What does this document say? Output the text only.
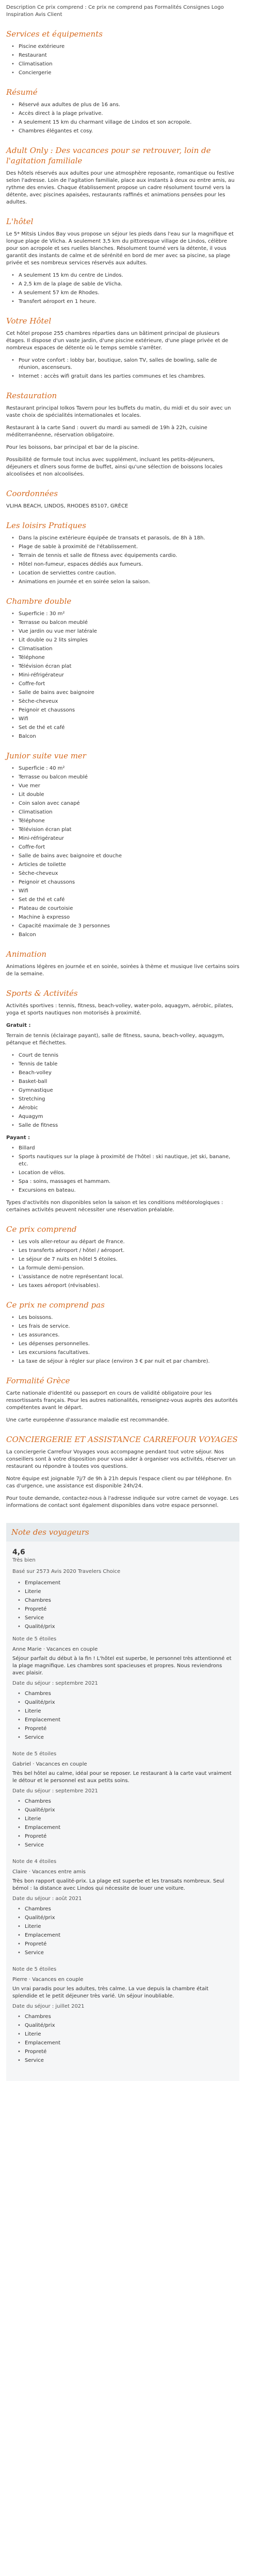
Description Ce prix comprend : Ce prix ne comprend pas Formalités Consignes Logo Inspiration Avis Client

Services et équipements
• Piscine extérieure
• Restaurant
• Climatisation
• Conciergerie
Résumé
• Réservé aux adultes de plus de 16 ans.
• Accès direct à la plage privative.
• A seulement 15 km du charmant village de Lindos et son acropole.
• Chambres élégantes et cosy.
Adult Only : Des vacances pour se retrouver, loin de l'agitation familiale

Des hôtels réservés aux adultes pour une atmosphère reposante, romantique ou festive selon l'adresse. Loin de l'agitation familiale, place aux instants à deux ou entre amis, au rythme des envies. Chaque établissement propose un cadre résolument tourné vers la détente, avec piscines apaisées, restaurants raffinés et animations pensées pour les adultes.

L'hôtel

Le 5* Mitsis Lindos Bay vous propose un séjour les pieds dans l'eau sur la magnifique et longue plage de Vlicha. A seulement 3,5 km du pittoresque village de Lindos, célèbre pour son acropole et ses ruelles blanches. Résolument tourné vers la détente, il vous garantit des instants de calme et de sérénité en bord de mer avec sa piscine, sa plage privée et ses nombreux services réservés aux adultes.

• A seulement 15 km du centre de Lindos.
• A 2,5 km de la plage de sable de Vlicha.
• A seulement 57 km de Rhodes.
• Transfert aéroport en 1 heure.
Votre Hôtel

Cet hôtel propose 255 chambres réparties dans un bâtiment principal de plusieurs étages. Il dispose d'un vaste jardin, d'une piscine extérieure, d'une plage privée et de nombreux espaces de détente où le temps semble s'arrêter.

• Pour votre confort : lobby bar, boutique, salon TV, salles de bowling, salle de réunion, ascenseurs.
• Internet : accès wifi gratuit dans les parties communes et les chambres.
Restauration

Restaurant principal Iolkos Tavern pour les buffets du matin, du midi et du soir avec un vaste choix de spécialités internationales et locales.

Restaurant à la carte Sand : ouvert du mardi au samedi de 19h à 22h, cuisine méditerranéenne, réservation obligatoire.

Pour les boissons, bar principal et bar de la piscine.

Possibilité de formule tout inclus avec supplément, incluant les petits-déjeuners, déjeuners et dîners sous forme de buffet, ainsi qu'une sélection de boissons locales alcoolisées et non alcoolisées.

Coordonnées

VLIHA BEACH, LINDOS, RHODES 85107, GRÈCE

Les loisirs Pratiques
• Dans la piscine extérieure équipée de transats et parasols, de 8h à 18h.
• Plage de sable à proximité de l'établissement.
• Terrain de tennis et salle de fitness avec équipements cardio.
• Hôtel non-fumeur, espaces dédiés aux fumeurs.
• Location de serviettes contre caution.
• Animations en journée et en soirée selon la saison.
Chambre double
• Superficie : 30 m²
• Terrasse ou balcon meublé
• Vue jardin ou vue mer latérale
• Lit double ou 2 lits simples
• Climatisation
• Téléphone
• Télévision écran plat
• Mini-réfrigérateur
• Coffre-fort
• Salle de bains avec baignoire
• Sèche-cheveux
• Peignoir et chaussons
• Wifi
• Set de thé et café
• Balcon
Junior suite vue mer
• Superficie : 40 m²
• Terrasse ou balcon meublé
• Vue mer
• Lit double
• Coin salon avec canapé
• Climatisation
• Téléphone
• Télévision écran plat
• Mini-réfrigérateur
• Coffre-fort
• Salle de bains avec baignoire et douche
• Articles de toilette
• Sèche-cheveux
• Peignoir et chaussons
• Wifi
• Set de thé et café
• Plateau de courtoisie
• Machine à expresso
• Capacité maximale de 3 personnes
• Balcon
Animation

Animations légères en journée et en soirée, soirées à thème et musique live certains soirs de la semaine.

Sports & Activités

Activités sportives : tennis, fitness, beach-volley, water-polo, aquagym, aérobic, pilates, yoga et sports nautiques non motorisés à proximité.

Gratuit :

Terrain de tennis (éclairage payant), salle de fitness, sauna, beach-volley, aquagym, pétanque et fléchettes.

• Court de tennis
• Tennis de table
• Beach-volley
• Basket-ball
• Gymnastique
• Stretching
• Aérobic
• Aquagym
• Salle de fitness
Payant :
• Billard
• Sports nautiques sur la plage à proximité de l'hôtel : ski nautique, jet ski, banane, etc.
• Location de vélos.
• Spa : soins, massages et hammam.
• Excursions en bateau.

Types d'activités non disponibles selon la saison et les conditions météorologiques : certaines activités peuvent nécessiter une réservation préalable.

Ce prix comprend
• Les vols aller-retour au départ de France.
• Les transferts aéroport / hôtel / aéroport.
• Le séjour de 7 nuits en hôtel 5 étoiles.
• La formule demi-pension.
• L'assistance de notre représentant local.
• Les taxes aéroport (révisables).
Ce prix ne comprend pas
• Les boissons.
• Les frais de service.
• Les assurances.
• Les dépenses personnelles.
• Les excursions facultatives.
• La taxe de séjour à régler sur place (environ 3 € par nuit et par chambre).
Formalité Grèce

Carte nationale d'identité ou passeport en cours de validité obligatoire pour les ressortissants français. Pour les autres nationalités, renseignez-vous auprès des autorités compétentes avant le départ.

Une carte européenne d'assurance maladie est recommandée.

CONCIERGERIE ET ASSISTANCE CARREFOUR VOYAGES

La conciergerie Carrefour Voyages vous accompagne pendant tout votre séjour. Nos conseillers sont à votre disposition pour vous aider à organiser vos activités, réserver un restaurant ou répondre à toutes vos questions.

Notre équipe est joignable 7j/7 de 9h à 21h depuis l'espace client ou par téléphone. En cas d'urgence, une assistance est disponible 24h/24.

Pour toute demande, contactez-nous à l'adresse indiquée sur votre carnet de voyage. Les informations de contact sont également disponibles dans votre espace personnel.

Note des voyageurs
4,6
Très bien
Basé sur 2573 Avis 2020 Travelers Choice
• Emplacement
• Literie
• Chambres
• Propreté
• Service
• Qualité/prix

Note de 5 étoiles

Anne Marie · Vacances en couple

Séjour parfait du début à la fin ! L'hôtel est superbe, le personnel très attentionné et la plage magnifique. Les chambres sont spacieuses et propres. Nous reviendrons avec plaisir.

Date du séjour : septembre 2021

• Chambres
• Qualité/prix
• Literie
• Emplacement
• Propreté
• Service

Note de 5 étoiles

Gabriel · Vacances en couple

Très bel hôtel au calme, idéal pour se reposer. Le restaurant à la carte vaut vraiment le détour et le personnel est aux petits soins.

Date du séjour : septembre 2021

• Chambres
• Qualité/prix
• Literie
• Emplacement
• Propreté
• Service

Note de 4 étoiles

Claire · Vacances entre amis

Très bon rapport qualité-prix. La plage est superbe et les transats nombreux. Seul bémol : la distance avec Lindos qui nécessite de louer une voiture.

Date du séjour : août 2021

• Chambres
• Qualité/prix
• Literie
• Emplacement
• Propreté
• Service

Note de 5 étoiles

Pierre · Vacances en couple

Un vrai paradis pour les adultes, très calme. La vue depuis la chambre était splendide et le petit déjeuner très varié. Un séjour inoubliable.

Date du séjour : juillet 2021

• Chambres
• Qualité/prix
• Literie
• Emplacement
• Propreté
• Service
